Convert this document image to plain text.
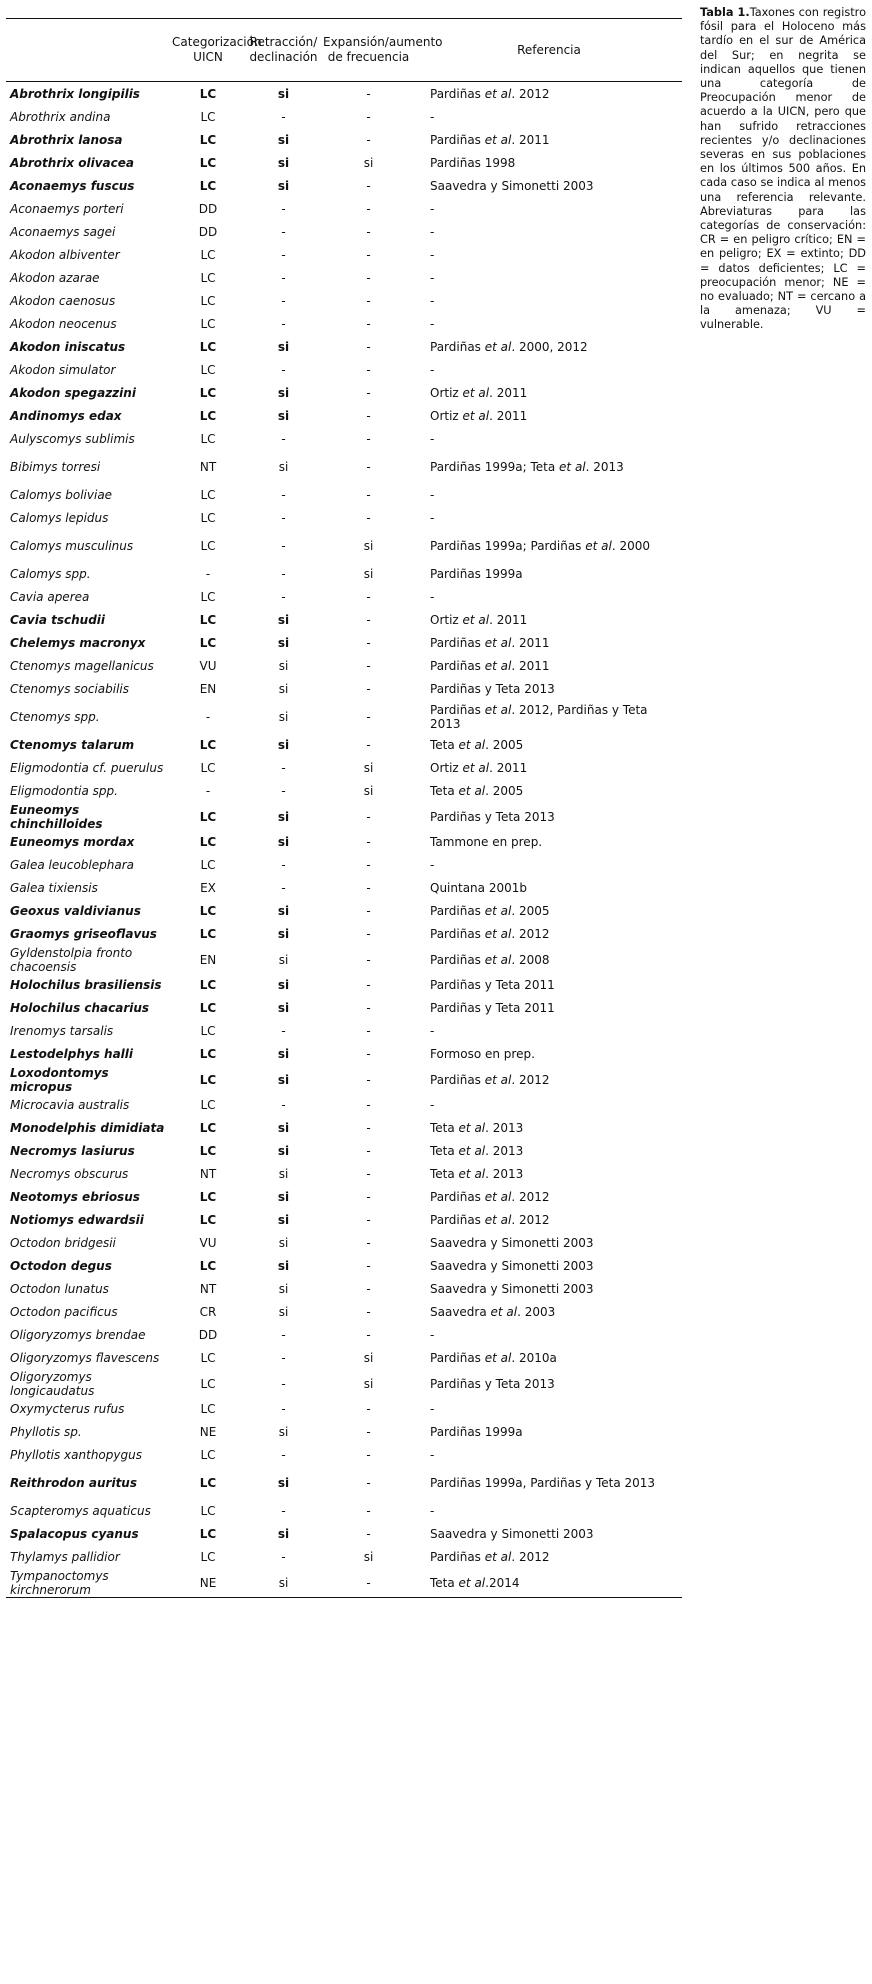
	Categorización UICN	Retracción/ declinación	Expansión/aumento de frecuencia	Referencia
Abrothrix longipilis	LC	si	-	Pardiñas et al. 2012
Abrothrix andina	LC	-	-	-
Abrothrix lanosa	LC	si	-	Pardiñas et al. 2011
Abrothrix olivacea	LC	si	si	Pardiñas 1998
Aconaemys fuscus	LC	si	-	Saavedra y Simonetti 2003
Aconaemys porteri	DD	-	-	-
Aconaemys sagei	DD	-	-	-
Akodon albiventer	LC	-	-	-
Akodon azarae	LC	-	-	-
Akodon caenosus	LC	-	-	-
Akodon neocenus	LC	-	-	-
Akodon iniscatus	LC	si	-	Pardiñas et al. 2000, 2012
Akodon simulator	LC	-	-	-
Akodon spegazzini	LC	si	-	Ortiz et al. 2011
Andinomys edax	LC	si	-	Ortiz et al. 2011
Aulyscomys sublimis	LC	-	-	-
Bibimys torresi	NT	si	-	Pardiñas 1999a; Teta et al. 2013
Calomys boliviae	LC	-	-	-
Calomys lepidus	LC	-	-	-
Calomys musculinus	LC	-	si	Pardiñas 1999a; Pardiñas et al. 2000
Calomys spp.	-	-	si	Pardiñas 1999a
Cavia aperea	LC	-	-	-
Cavia tschudii	LC	si	-	Ortiz et al. 2011
Chelemys macronyx	LC	si	-	Pardiñas et al. 2011
Ctenomys magellanicus	VU	si	-	Pardiñas et al. 2011
Ctenomys sociabilis	EN	si	-	Pardiñas y Teta 2013
Ctenomys spp.	-	si	-	Pardiñas et al. 2012, Pardiñas y Teta 2013
Ctenomys talarum	LC	si	-	Teta et al. 2005
Eligmodontia cf. puerulus	LC	-	si	Ortiz et al. 2011
Eligmodontia spp.	-	-	si	Teta et al. 2005
Euneomys chinchilloides	LC	si	-	Pardiñas y Teta 2013
Euneomys mordax	LC	si	-	Tammone en prep.
Galea leucoblephara	LC	-	-	-
Galea tixiensis	EX	-	-	Quintana 2001b
Geoxus valdivianus	LC	si	-	Pardiñas et al. 2005
Graomys griseoflavus	LC	si	-	Pardiñas et al. 2012
Gyldenstolpia fronto chacoensis	EN	si	-	Pardiñas et al. 2008
Holochilus brasiliensis	LC	si	-	Pardiñas y Teta 2011
Holochilus chacarius	LC	si	-	Pardiñas y Teta 2011
Irenomys tarsalis	LC	-	-	-
Lestodelphys halli	LC	si	-	Formoso en prep.
Loxodontomys micropus	LC	si	-	Pardiñas et al. 2012
Microcavia australis	LC	-	-	-
Monodelphis dimidiata	LC	si	-	Teta et al. 2013
Necromys lasiurus	LC	si	-	Teta et al. 2013
Necromys obscurus	NT	si	-	Teta et al. 2013
Neotomys ebriosus	LC	si	-	Pardiñas et al. 2012
Notiomys edwardsii	LC	si	-	Pardiñas et al. 2012
Octodon bridgesii	VU	si	-	Saavedra y Simonetti 2003
Octodon degus	LC	si	-	Saavedra y Simonetti 2003
Octodon lunatus	NT	si	-	Saavedra y Simonetti 2003
Octodon pacificus	CR	si	-	Saavedra et al. 2003
Oligoryzomys brendae	DD	-	-	-
Oligoryzomys flavescens	LC	-	si	Pardiñas et al. 2010a
Oligoryzomys longicaudatus	LC	-	si	Pardiñas y Teta 2013
Oxymycterus rufus	LC	-	-	-
Phyllotis sp.	NE	si	-	Pardiñas 1999a
Phyllotis xanthopygus	LC	-	-	-
Reithrodon auritus	LC	si	-	Pardiñas 1999a, Pardiñas y Teta 2013
Scapteromys aquaticus	LC	-	-	-
Spalacopus cyanus	LC	si	-	Saavedra y Simonetti 2003
Thylamys pallidior	LC	-	si	Pardiñas et al. 2012
Tympanoctomys kirchnerorum	NE	si	-	Teta et al.2014
Tabla 1.Taxones con registro fósil para el Holoceno más tardío en el sur de América del Sur; en negrita se indican aquellos que tienen una categoría de Preocupación menor de acuerdo a la UICN, pero que han sufrido retracciones recientes y/o declinaciones severas en sus poblaciones en los últimos 500 años. En cada caso se indica al menos una referencia relevante. Abreviaturas para las categorías de conservación: CR = en peligro crítico; EN = en peligro; EX = extinto; DD = datos deficientes; LC = preocupación menor; NE = no evaluado; NT = cercano a la amenaza; VU = vulnerable.
